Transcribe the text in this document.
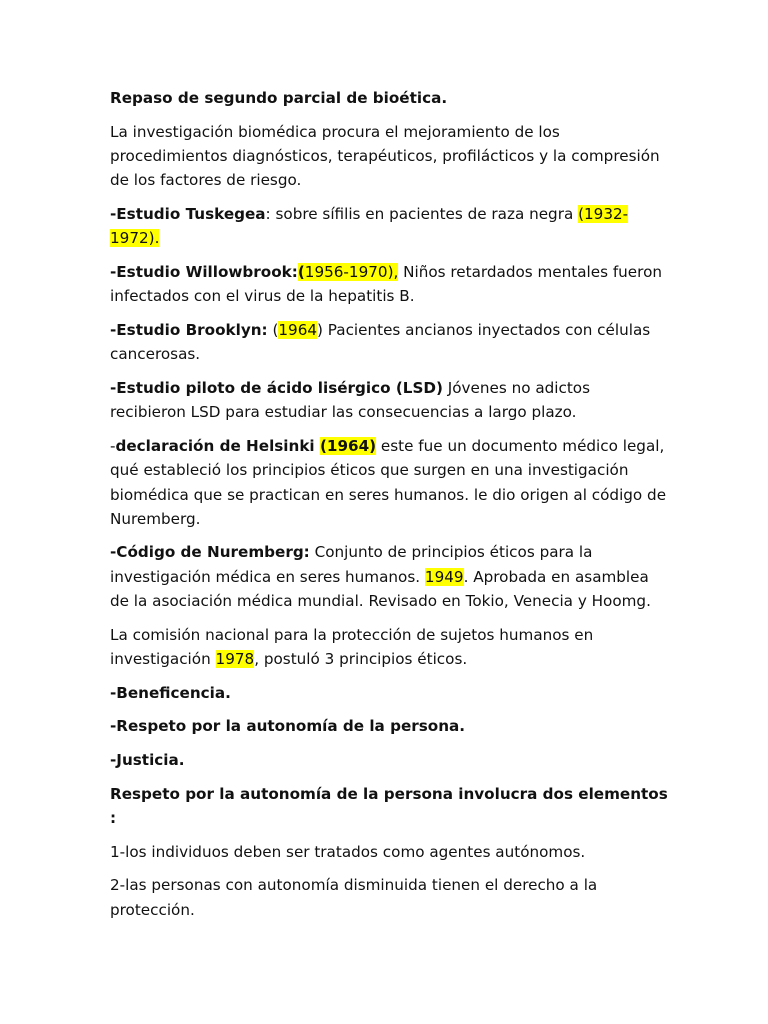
Repaso de segundo parcial de bioética.

La investigación biomédica procura el mejoramiento de los procedimientos diagnósticos, terapéuticos, profilácticos y la compresión de los factores de riesgo.

-Estudio Tuskegea: sobre sífilis en pacientes de raza negra (1932-1972).

-Estudio Willowbrook:(1956-1970), Niños retardados mentales fueron infectados con el virus de la hepatitis B.

-Estudio Brooklyn: (1964) Pacientes ancianos inyectados con células cancerosas.

-Estudio piloto de ácido lisérgico (LSD) Jóvenes no adictos recibieron LSD para estudiar las consecuencias a largo plazo.

-declaración de Helsinki (1964) este fue un documento médico legal, qué estableció los principios éticos que surgen en una investigación biomédica que se practican en seres humanos. le dio origen al código de Nuremberg.

-Código de Nuremberg: Conjunto de principios éticos para la investigación médica en seres humanos. 1949. Aprobada en asamblea de la asociación médica mundial. Revisado en Tokio, Venecia y Hoomg.

La comisión nacional para la protección de sujetos humanos en investigación 1978, postuló 3 principios éticos.

-Beneficencia.

-Respeto por la autonomía de la persona.

-Justicia.

Respeto por la autonomía de la persona involucra dos elementos :

1-los individuos deben ser tratados como agentes autónomos.

2-las personas con autonomía disminuida tienen el derecho a la protección.
